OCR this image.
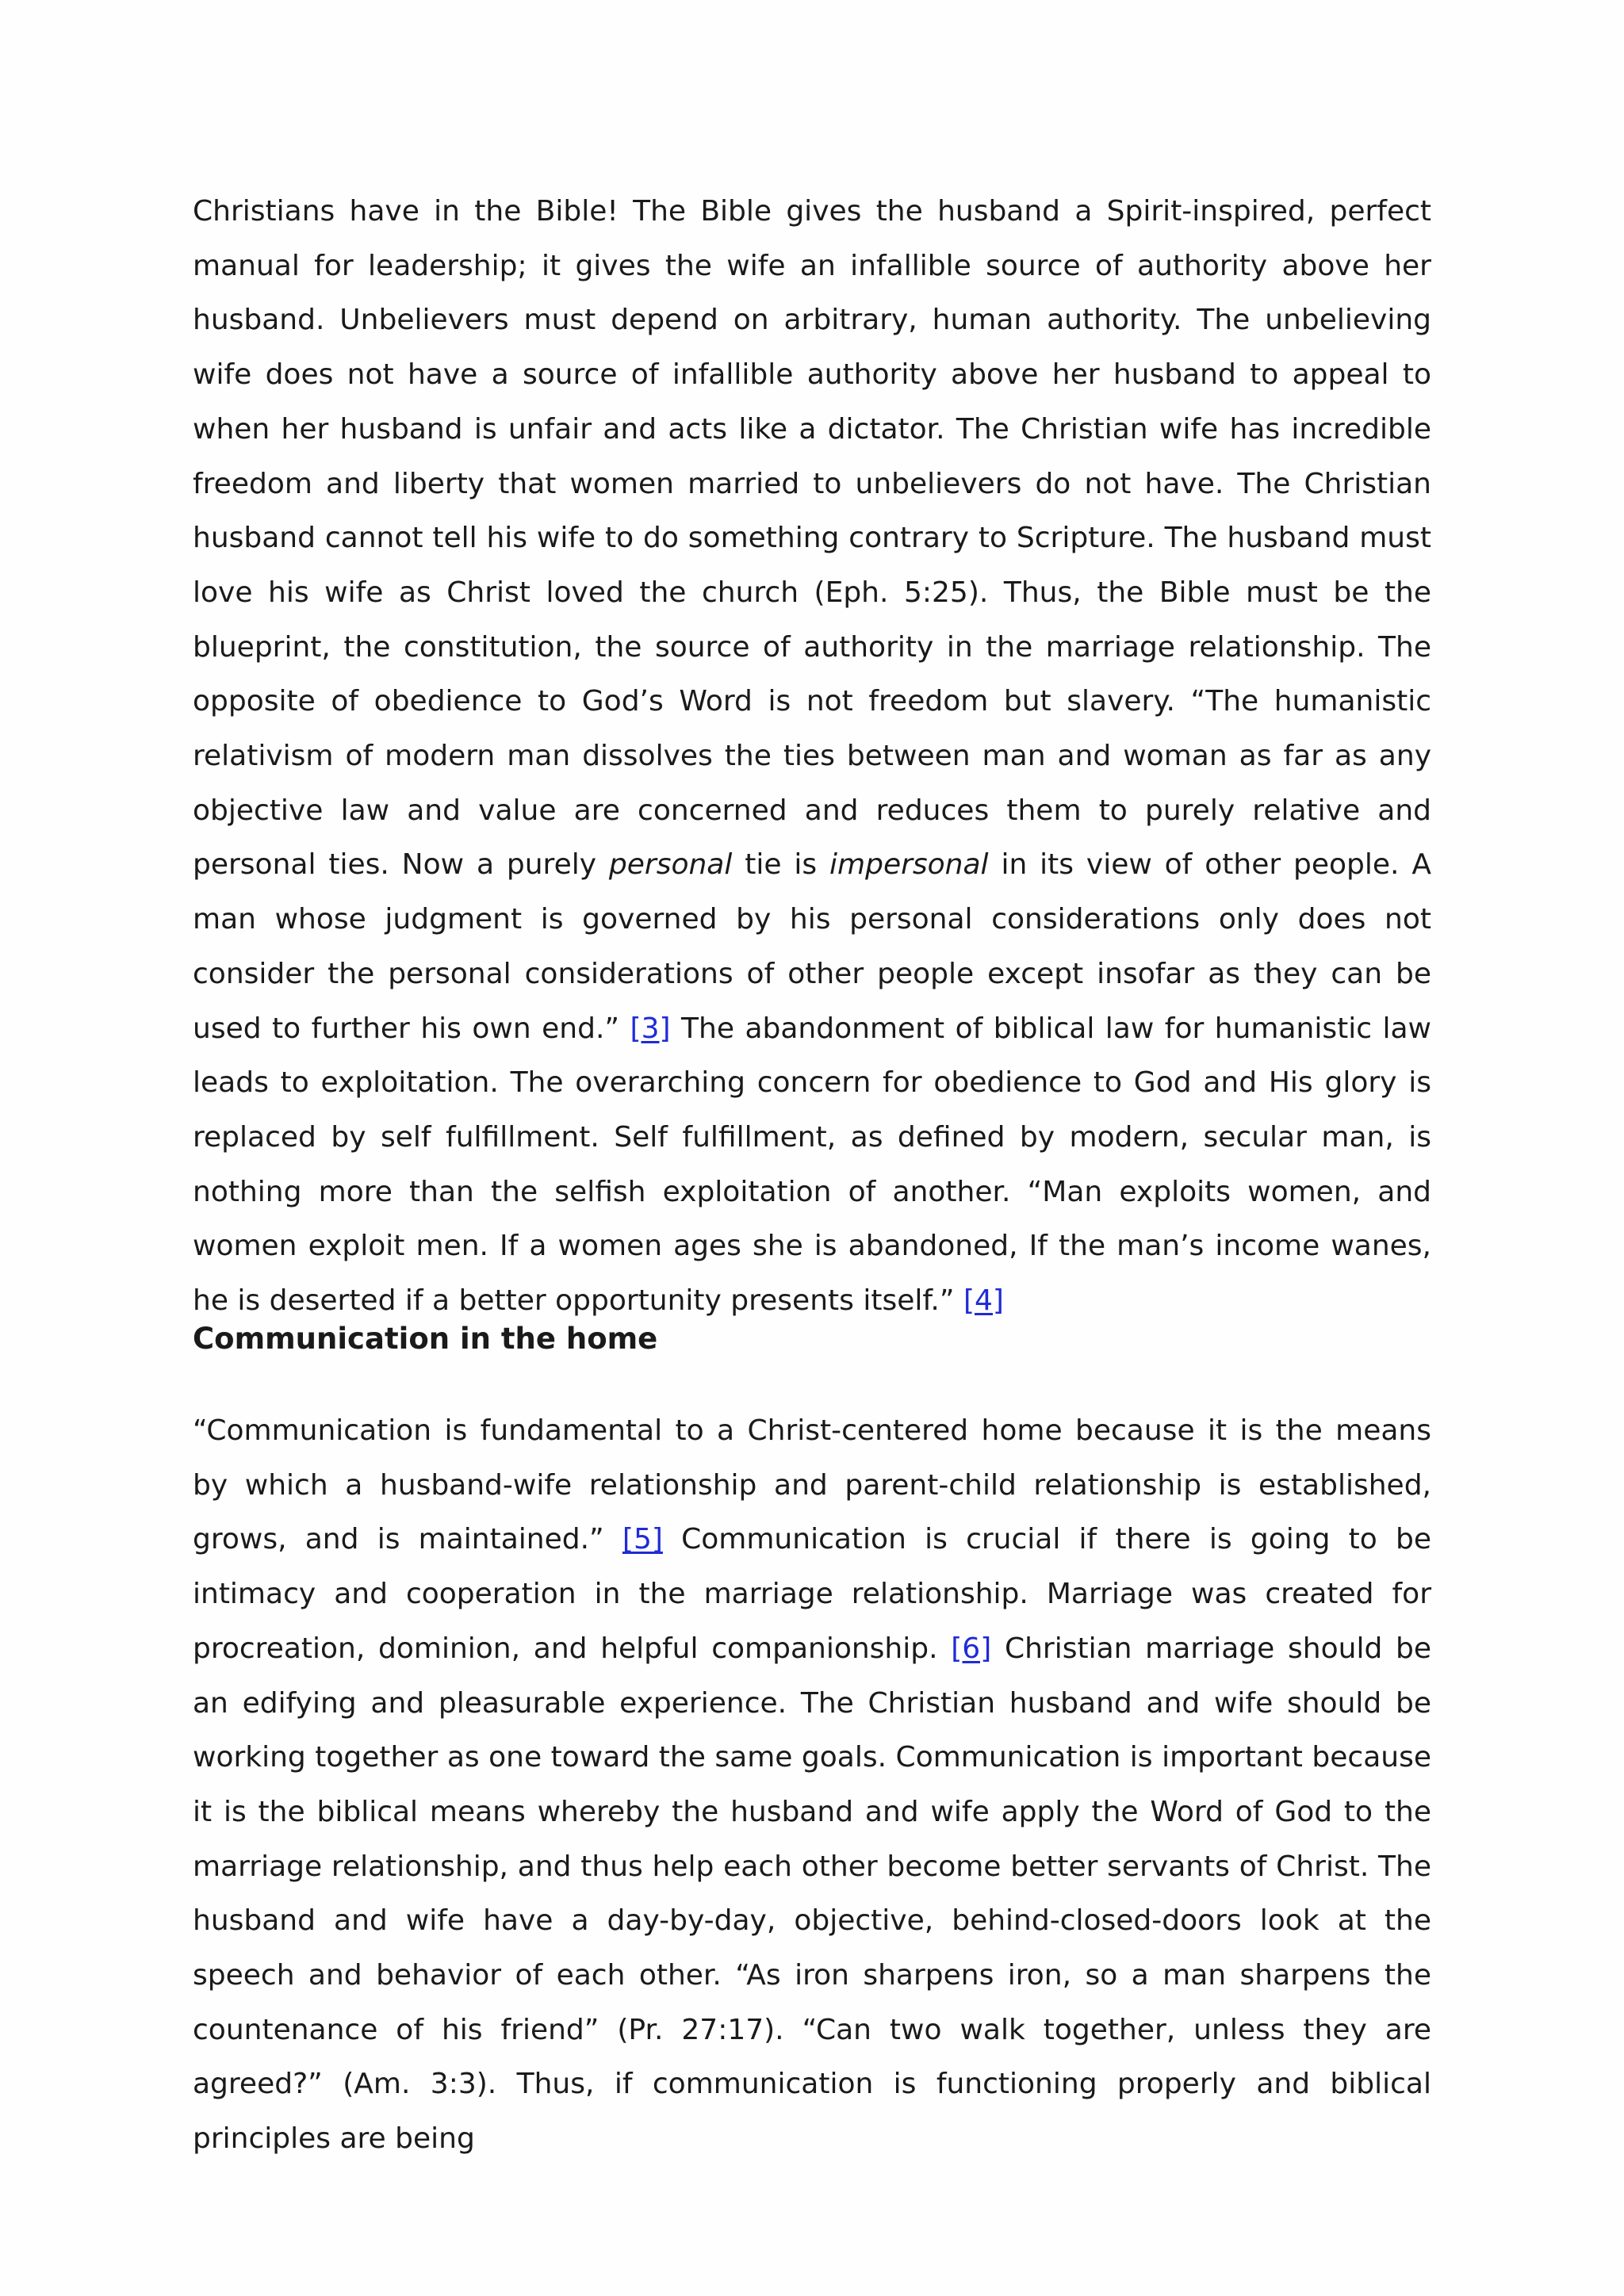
Christians have in the Bible! The Bible gives the husband a Spirit-inspired, perfect manual for leadership; it gives the wife an infallible source of authority above her husband. Unbelievers must depend on arbitrary, human authority. The unbelieving wife does not have a source of infallible authority above her husband to appeal to when her husband is unfair and acts like a dictator. The Christian wife has incredible freedom and liberty that women married to unbelievers do not have. The Christian husband cannot tell his wife to do something contrary to Scripture. The husband must love his wife as Christ loved the church (Eph. 5:25). Thus, the Bible must be the blueprint, the constitution, the source of authority in the marriage relationship. The opposite of obedience to God’s Word is not freedom but slavery. “The humanistic relativism of modern man dissolves the ties between man and woman as far as any objective law and value are concerned and reduces them to purely relative and personal ties. Now a purely personal tie is impersonal in its view of other people. A man whose judgment is governed by his personal considerations only does not consider the personal considerations of other people except insofar as they can be used to further his own end.” [3] The abandonment of biblical law for humanistic law leads to exploitation. The overarching concern for obedience to God and His glory is replaced by self fulfillment. Self fulfillment, as defined by modern, secular man, is nothing more than the selfish exploitation of another. “Man exploits women, and women exploit men. If a women ages she is abandoned, If the man’s income wanes, he is deserted if a better opportunity presents itself.” [4]

Communication in the home

“Communication is fundamental to a Christ-centered home because it is the means by which a husband-wife relationship and parent-child relationship is established, grows, and is maintained.” [5] Communication is crucial if there is going to be intimacy and cooperation in the marriage relationship. Marriage was created for procreation, dominion, and helpful companionship. [6] Christian marriage should be an edifying and pleasurable experience. The Christian husband and wife should be working together as one toward the same goals. Communication is important because it is the biblical means whereby the husband and wife apply the Word of God to the marriage relationship, and thus help each other become better servants of Christ. The husband and wife have a day-by-day, objective, behind-closed-doors look at the speech and behavior of each other. “As iron sharpens iron, so a man sharpens the countenance of his friend” (Pr. 27:17). “Can two walk together, unless they are agreed?” (Am. 3:3). Thus, if communication is functioning properly and biblical principles are being
